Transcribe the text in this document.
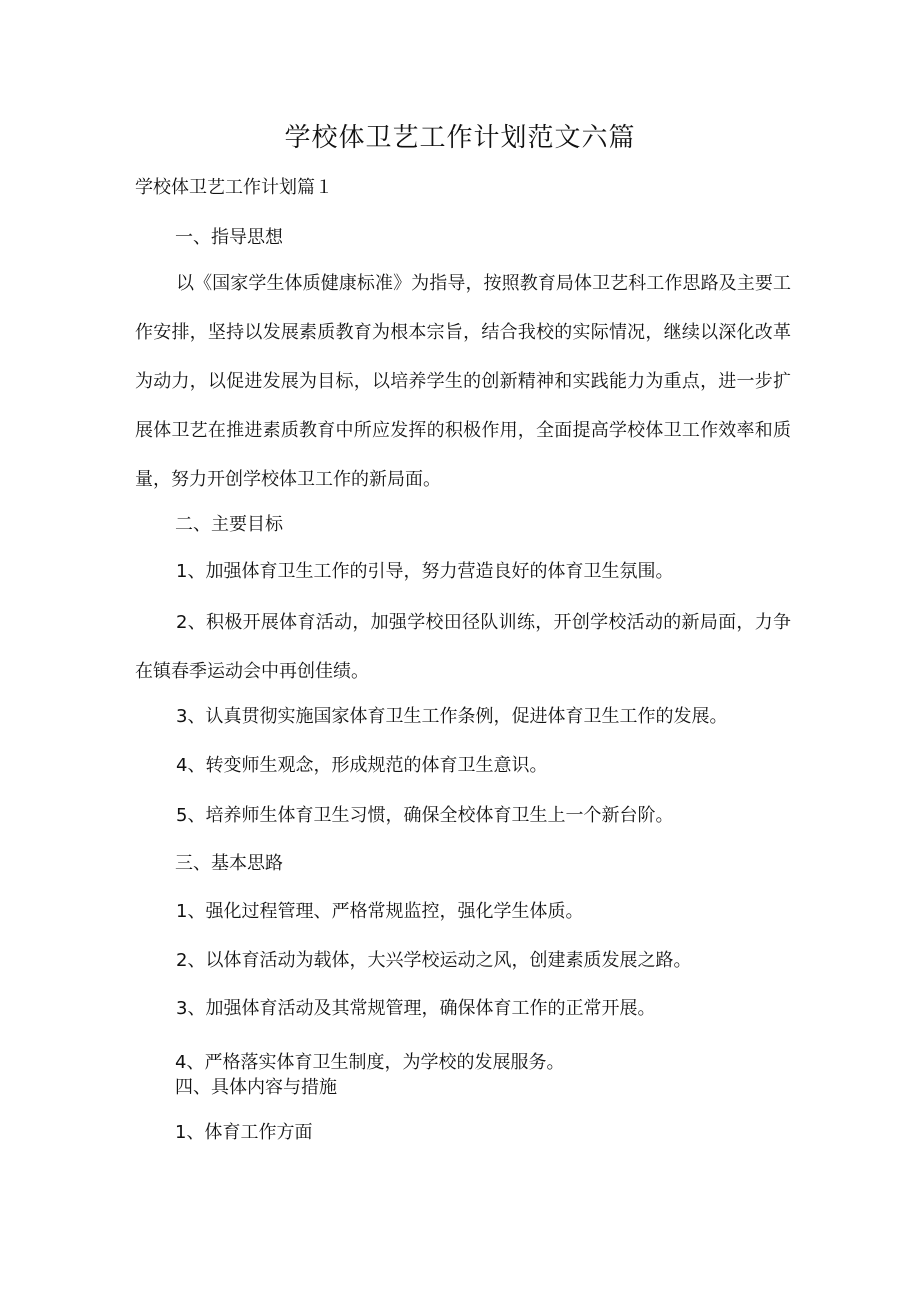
学校体卫艺工作计划范文六篇
学校体卫艺工作计划篇１
一、指导思想
以《国家学生体质健康标准》为指导，按照教育局体卫艺科工作思路及主要工作安排，坚持以发展素质教育为根本宗旨，结合我校的实际情况，继续以深化改革为动力，以促进发展为目标，以培养学生的创新精神和实践能力为重点，进一步扩展体卫艺在推进素质教育中所应发挥的积极作用，全面提高学校体卫工作效率和质量，努力开创学校体卫工作的新局面。
二、主要目标
1、加强体育卫生工作的引导，努力营造良好的体育卫生氛围。
2、积极开展体育活动，加强学校田径队训练，开创学校活动的新局面，力争在镇春季运动会中再创佳绩。
3、认真贯彻实施国家体育卫生工作条例，促进体育卫生工作的发展。
4、转变师生观念，形成规范的体育卫生意识。
5、培养师生体育卫生习惯，确保全校体育卫生上一个新台阶。
三、基本思路
1、强化过程管理、严格常规监控，强化学生体质。
2、以体育活动为载体，大兴学校运动之风，创建素质发展之路。
3、加强体育活动及其常规管理，确保体育工作的正常开展。
4、严格落实体育卫生制度，为学校的发展服务。
四、具体内容与措施
1、体育工作方面
